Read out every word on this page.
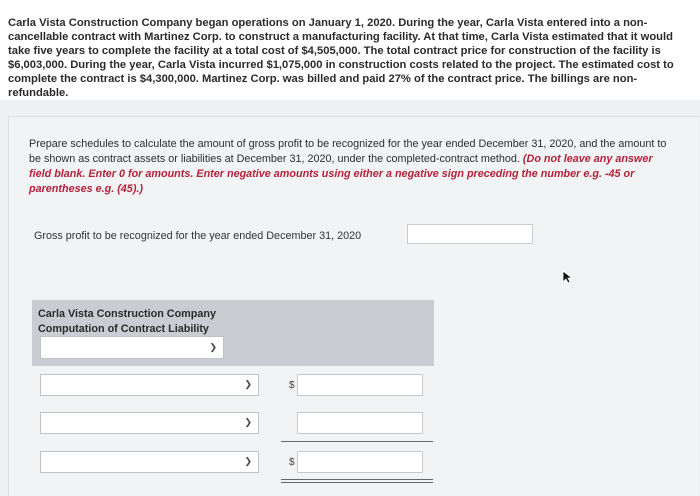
Carla Vista Construction Company began operations on January 1, 2020. During the year, Carla Vista entered into a non-cancellable contract with Martinez Corp. to construct a manufacturing facility. At that time, Carla Vista estimated that it would take five years to complete the facility at a total cost of $4,505,000. The total contract price for construction of the facility is $6,003,000. During the year, Carla Vista incurred $1,075,000 in construction costs related to the project. The estimated cost to complete the contract is $4,300,000. Martinez Corp. was billed and paid 27% of the contract price. The billings are non-refundable.

Prepare schedules to calculate the amount of gross profit to be recognized for the year ended December 31, 2020, and the amount to be shown as contract assets or liabilities at December 31, 2020, under the completed-contract method. (Do not leave any answer field blank. Enter 0 for amounts. Enter negative amounts using either a negative sign preceding the number e.g. -45 or parentheses e.g. (45).)
Gross profit to be recognized for the year ended December 31, 2020
Carla Vista Construction Company
Computation of Contract Liability
❯
❯	$
❯
❯	$
